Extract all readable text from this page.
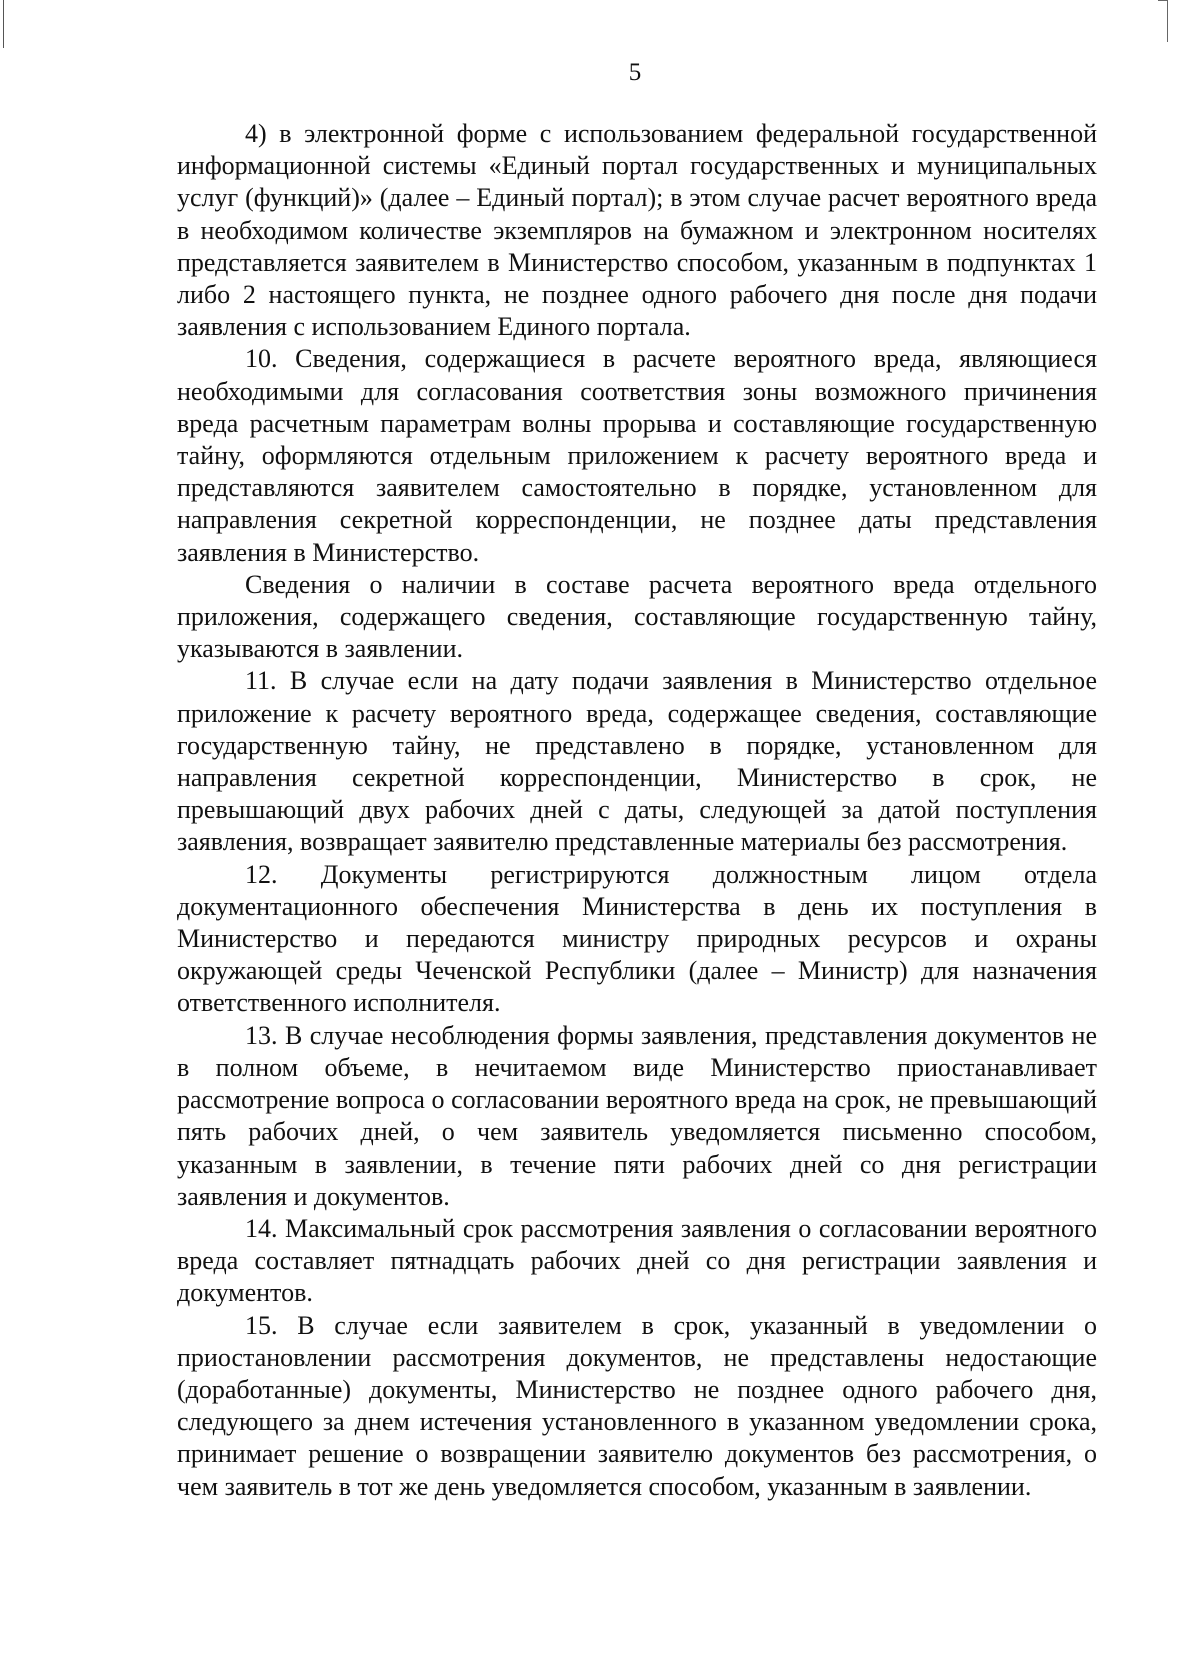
5

4) в электронной форме с использованием федеральной государственной информационной системы «Единый портал государственных и муниципальных услуг (функций)» (далее – Единый портал); в этом случае расчет вероятного вреда в необходимом количестве экземпляров на бумажном и электронном носителях представляется заявителем в Министерство способом, указанным в подпунктах 1 либо 2 настоящего пункта, не позднее одного рабочего дня после дня подачи заявления с использованием Единого портала.

10. Сведения, содержащиеся в расчете вероятного вреда, являющиеся необходимыми для согласования соответствия зоны возможного причинения вреда расчетным параметрам волны прорыва и составляющие государственную тайну, оформляются отдельным приложением к расчету вероятного вреда и представляются заявителем самостоятельно в порядке, установленном для направления секретной корреспонденции, не позднее даты представления заявления в Министерство.

Сведения о наличии в составе расчета вероятного вреда отдельного приложения, содержащего сведения, составляющие государственную тайну, указываются в заявлении.

11. В случае если на дату подачи заявления в Министерство отдельное приложение к расчету вероятного вреда, содержащее сведения, составляющие государственную тайну, не представлено в порядке, установленном для направления секретной корреспонденции, Министерство в срок, не превышающий двух рабочих дней с даты, следующей за датой поступления заявления, возвращает заявителю представленные материалы без рассмотрения.

12. Документы регистрируются должностным лицом отдела документационного обеспечения Министерства в день их поступления в Министерство и передаются министру природных ресурсов и охраны окружающей среды Чеченской Республики (далее – Министр) для назначения ответственного исполнителя.

13. В случае несоблюдения формы заявления, представления документов не в полном объеме, в нечитаемом виде Министерство приостанавливает рассмотрение вопроса о согласовании вероятного вреда на срок, не превышающий пять рабочих дней, о чем заявитель уведомляется письменно способом, указанным в заявлении, в течение пяти рабочих дней со дня регистрации заявления и документов.

14. Максимальный срок рассмотрения заявления о согласовании вероятного вреда составляет пятнадцать рабочих дней со дня регистрации заявления и документов.

15. В случае если заявителем в срок, указанный в уведомлении о приостановлении рассмотрения документов, не представлены недостающие (доработанные) документы, Министерство не позднее одного рабочего дня, следующего за днем истечения установленного в указанном уведомлении срока, принимает решение о возвращении заявителю документов без рассмотрения, о чем заявитель в тот же день уведомляется способом, указанным в заявлении.
